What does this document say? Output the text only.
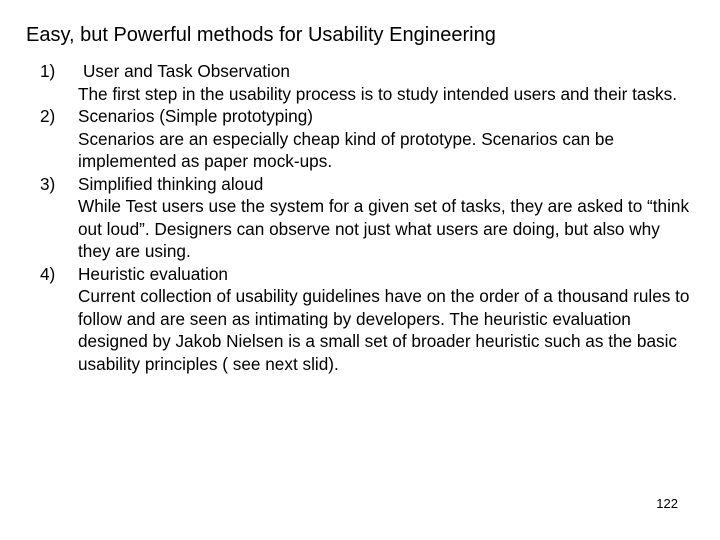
Easy, but Powerful methods for Usability Engineering
1) User and Task Observation
The first step in the usability process is to study intended users and their tasks.
2) Scenarios (Simple prototyping)
Scenarios are an especially cheap kind of prototype. Scenarios can be implemented as paper mock-ups.
3) Simplified thinking aloud
While Test users use the system for a given set of tasks, they are asked to “think out loud”. Designers can observe not just what users are doing, but also why they are using.
4) Heuristic evaluation
Current collection of usability guidelines have on the order of a thousand rules to follow and are seen as intimating by developers. The heuristic evaluation designed by Jakob Nielsen is a small set of broader heuristic such as the basic usability principles ( see next slid).
122
